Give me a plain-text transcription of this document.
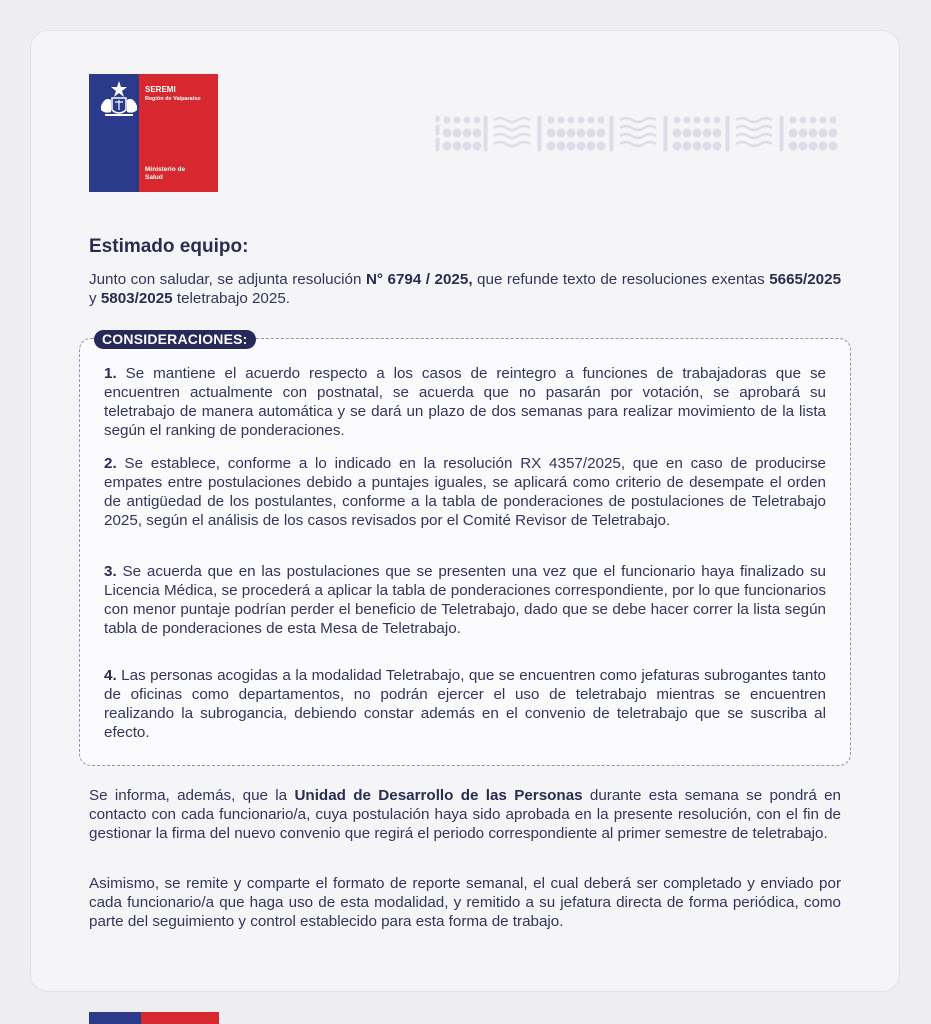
SEREMI
Región de Valparaíso
Ministerio de
Salud
Estimado equipo:

Junto con saludar, se adjunta resolución N° 6794 / 2025, que refunde texto de resoluciones exentas 5665/2025 y 5803/2025 teletrabajo 2025.

CONSIDERACIONES:

1. Se mantiene el acuerdo respecto a los casos de reintegro a funciones de trabajadoras que se encuentren actualmente con postnatal, se acuerda que no pasarán por votación, se aprobará su teletrabajo de manera automática y se dará un plazo de dos semanas para realizar movimiento de la lista según el ranking de ponderaciones.

2. Se establece, conforme a lo indicado en la resolución RX 4357/2025, que en caso de producirse empates entre postulaciones debido a puntajes iguales, se aplicará como criterio de desempate el orden de antigüedad de los postulantes, conforme a la tabla de ponderaciones de postulaciones de Teletrabajo 2025, según el análisis de los casos revisados por el Comité Revisor de Teletrabajo.

3. Se acuerda que en las postulaciones que se presenten una vez que el funcionario haya finalizado su Licencia Médica, se procederá a aplicar la tabla de ponderaciones correspondiente, por lo que funcionarios con menor puntaje podrían perder el beneficio de Teletrabajo, dado que se debe hacer correr la lista según tabla de ponderaciones de esta Mesa de Teletrabajo.

4. Las personas acogidas a la modalidad Teletrabajo, que se encuentren como jefaturas subrogantes tanto de oficinas como departamentos, no podrán ejercer el uso de teletrabajo mientras se encuentren realizando la subrogancia, debiendo constar además en el convenio de teletrabajo que se suscriba al efecto.

Se informa, además, que la Unidad de Desarrollo de las Personas durante esta semana se pondrá en contacto con cada funcionario/a, cuya postulación haya sido aprobada en la presente resolución, con el fin de gestionar la firma del nuevo convenio que regirá el periodo correspondiente al primer semestre de teletrabajo.

Asimismo, se remite y comparte el formato de reporte semanal, el cual deberá ser completado y enviado por cada funcionario/a que haga uso de esta modalidad, y remitido a su jefatura directa de forma periódica, como parte del seguimiento y control establecido para esta forma de trabajo.
